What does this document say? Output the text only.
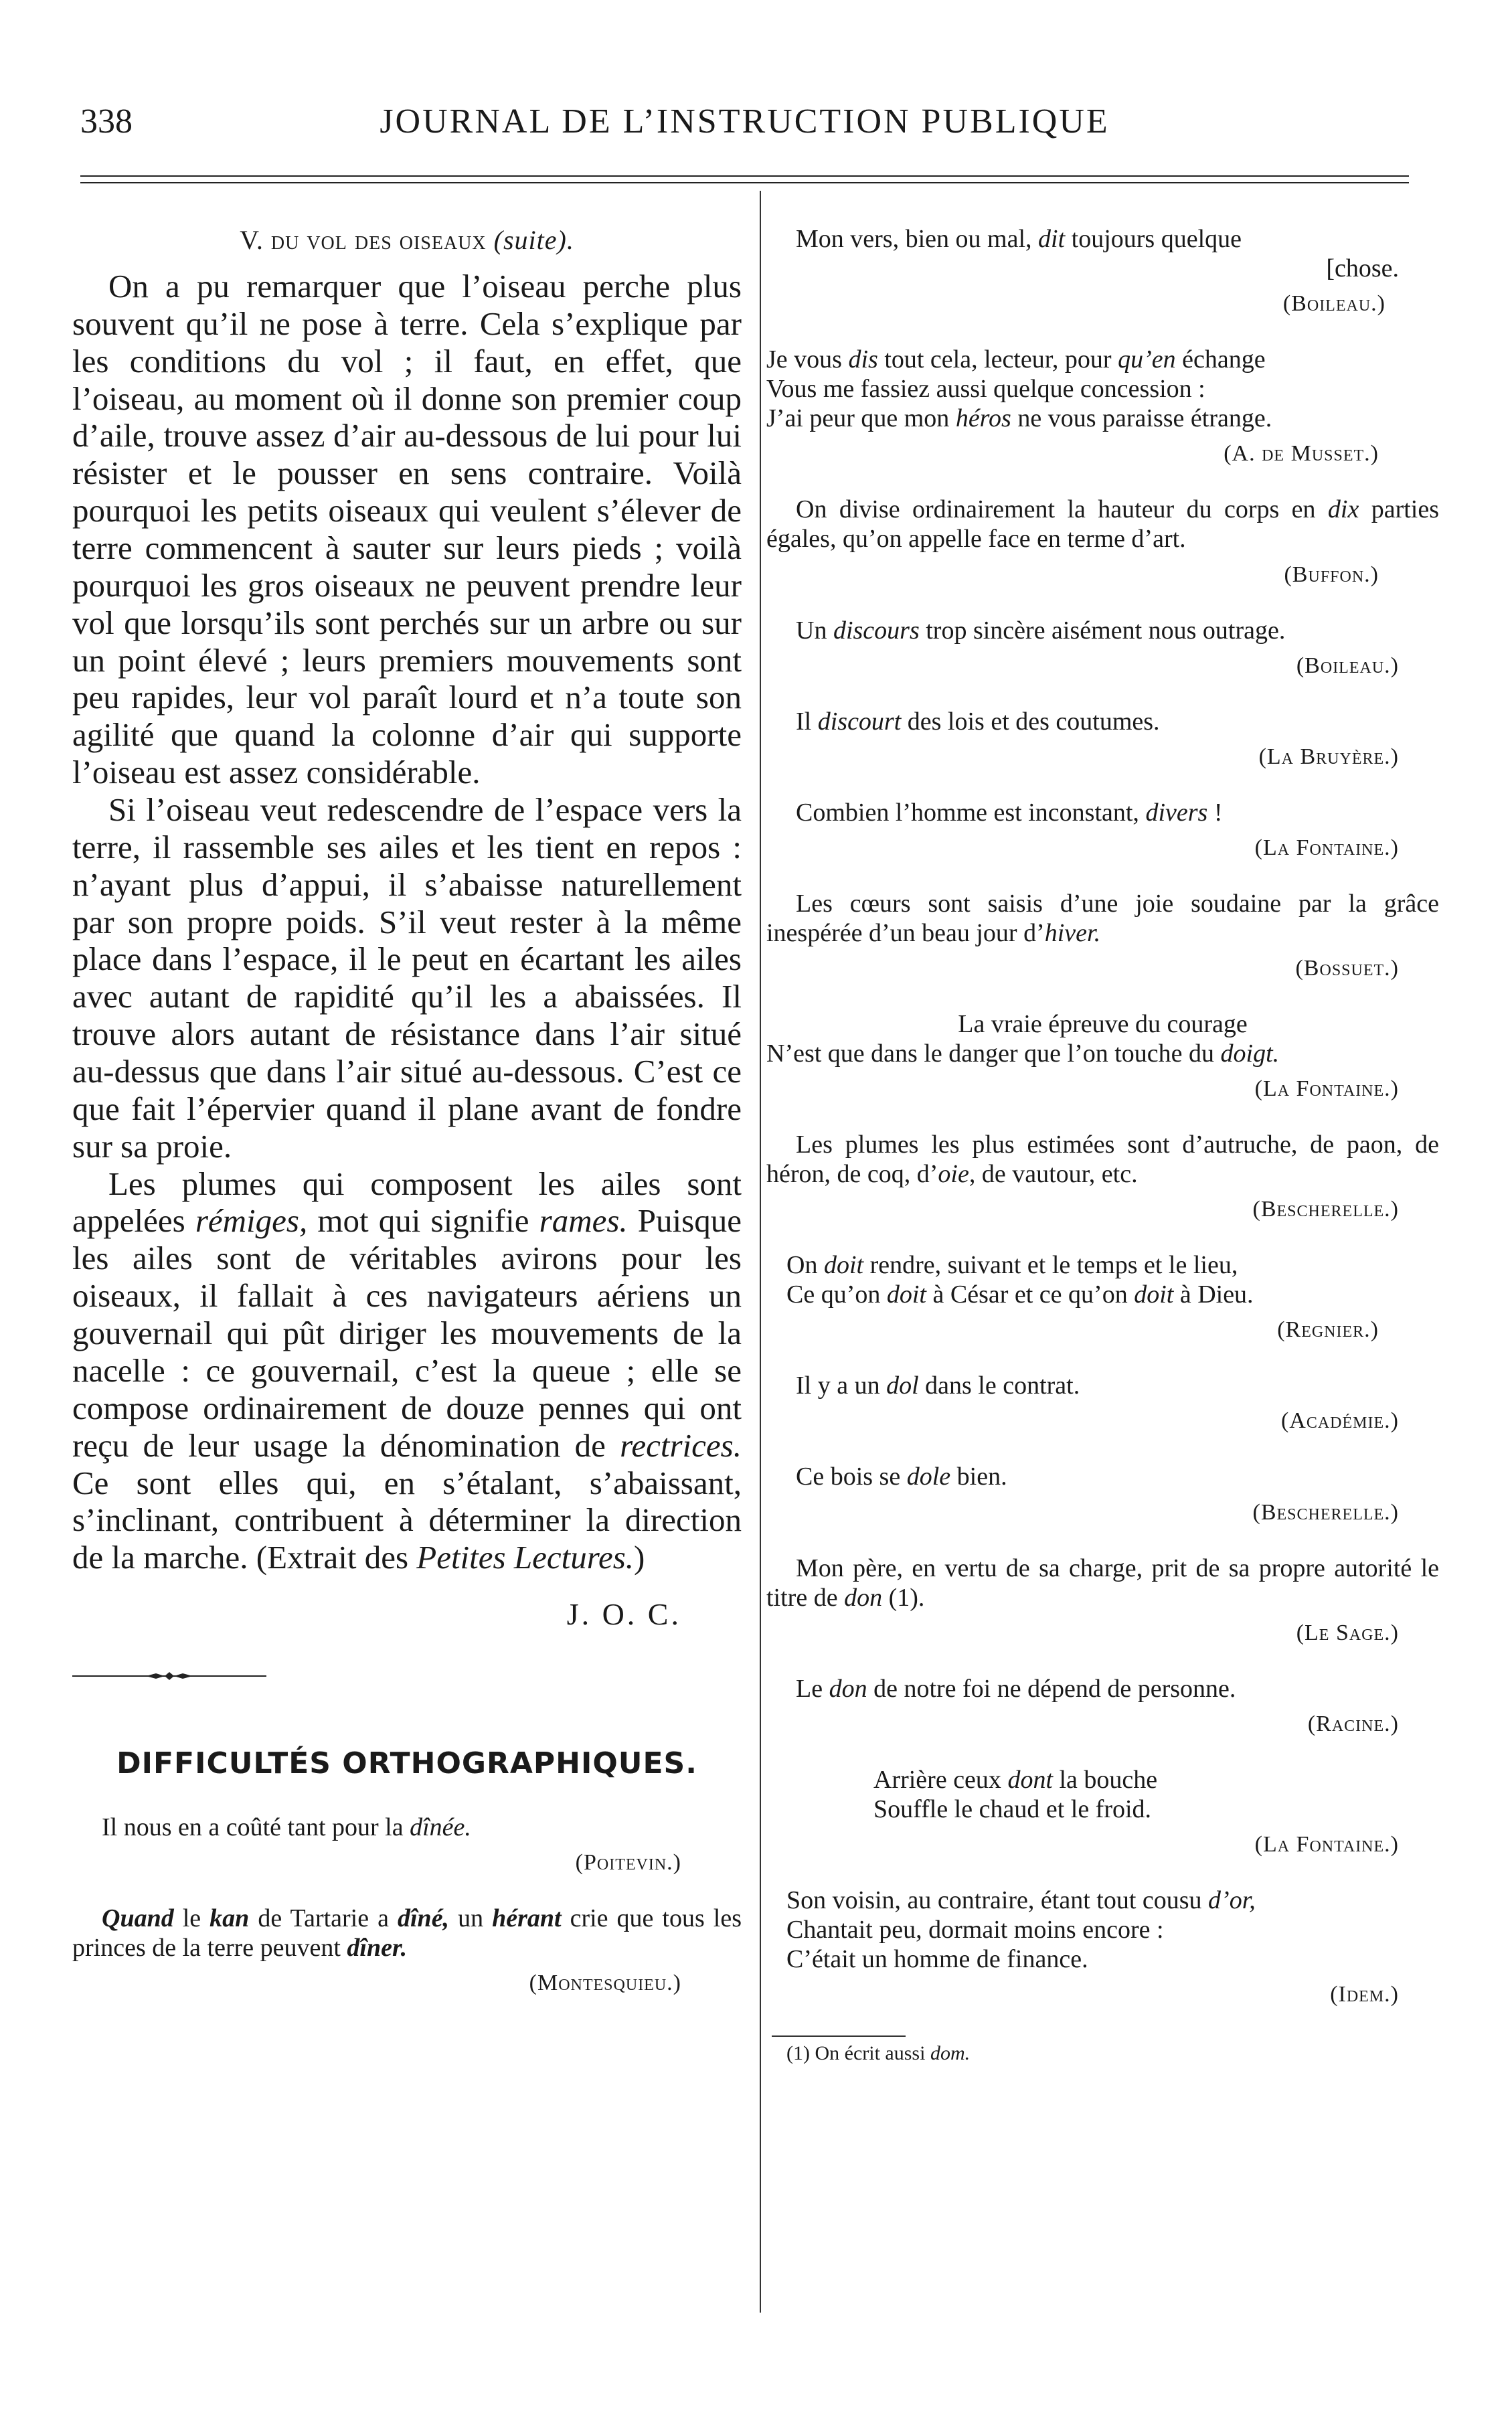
338	JOURNAL DE L’INSTRUCTION PUBLIQUE
V. du vol des oiseaux (suite).

On a pu remarquer que l’oiseau perche plus souvent qu’il ne pose à terre. Cela s’explique par les conditions du vol ; il faut, en effet, que l’oiseau, au moment où il donne son premier coup d’aile, trouve assez d’air au-dessous de lui pour lui résister et le pousser en sens contraire. Voilà pourquoi les petits oiseaux qui veulent s’élever de terre commencent à sauter sur leurs pieds ; voilà pourquoi les gros oiseaux ne peuvent prendre leur vol que lorsqu’ils sont perchés sur un arbre ou sur un point élevé ; leurs premiers mouvements sont peu rapides, leur vol paraît lourd et n’a toute son agilité que quand la colonne d’air qui supporte l’oiseau est assez considérable.

Si l’oiseau veut redescendre de l’espace vers la terre, il rassemble ses ailes et les tient en repos : n’ayant plus d’appui, il s’abaisse naturellement par son propre poids. S’il veut rester à la même place dans l’espace, il le peut en écartant les ailes avec autant de rapidité qu’il les a abaissées. Il trouve alors autant de résistance dans l’air situé au-dessus que dans l’air situé au-dessous. C’est ce que fait l’épervier quand il plane avant de fondre sur sa proie.

Les plumes qui composent les ailes sont appelées rémiges, mot qui signifie rames. Puisque les ailes sont de véritables avirons pour les oiseaux, il fallait à ces navigateurs aériens un gouvernail qui pût diriger les mouvements de la nacelle : ce gouvernail, c’est la queue ; elle se compose ordinairement de douze pennes qui ont reçu de leur usage la dénomination de rectrices. Ce sont elles qui, en s’étalant, s’abaissant, s’inclinant, contribuent à déterminer la direction de la marche. (Extrait des Petites Lectures.)

J. O. C.
DIFFICULTÉS ORTHOGRAPHIQUES.

Il nous en a coûté tant pour la dînée.

(Poitevin.)

Quand le kan de Tartarie a dîné, un hérant crie que tous les princes de la terre peuvent dîner.

(Montesquieu.)

Mon vers, bien ou mal, dit toujours quelque

[chose.

(Boileau.)

Je vous dis tout cela, lecteur, pour qu’en échange

Vous me fassiez aussi quelque concession :

J’ai peur que mon héros ne vous paraisse étrange.

(A. de Musset.)

On divise ordinairement la hauteur du corps en dix parties égales, qu’on appelle face en terme d’art.

(Buffon.)

Un discours trop sincère aisément nous outrage.

(Boileau.)

Il discourt des lois et des coutumes.

(La Bruyère.)

Combien l’homme est inconstant, divers !

(La Fontaine.)

Les cœurs sont saisis d’une joie soudaine par la grâce inespérée d’un beau jour d’hiver.

(Bossuet.)

La vraie épreuve du courage

N’est que dans le danger que l’on touche du doigt.

(La Fontaine.)

Les plumes les plus estimées sont d’autruche, de paon, de héron, de coq, d’oie, de vautour, etc.

(Bescherelle.)

On doit rendre, suivant et le temps et le lieu,

Ce qu’on doit à César et ce qu’on doit à Dieu.

(Regnier.)

Il y a un dol dans le contrat.

(Académie.)

Ce bois se dole bien.

(Bescherelle.)

Mon père, en vertu de sa charge, prit de sa propre autorité le titre de don (1).

(Le Sage.)

Le don de notre foi ne dépend de personne.

(Racine.)

Arrière ceux dont la bouche

Souffle le chaud et le froid.

(La Fontaine.)

Son voisin, au contraire, étant tout cousu d’or,

Chantait peu, dormait moins encore :

C’était un homme de finance.

(Idem.)

(1) On écrit aussi dom.
